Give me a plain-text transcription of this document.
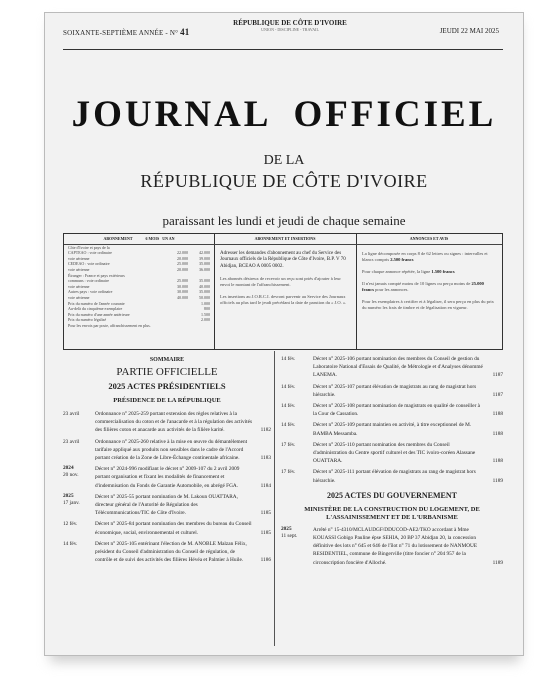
SOIXANTE-SEPTIÈME ANNÉE - N° 41
RÉPUBLIQUE DE CÔTE D'IVOIRE
UNION - DISCIPLINE - TRAVAIL	JEUDI 22 MAI 2025
JOURNAL OFFICIEL
DE LA
RÉPUBLIQUE DE CÔTE D'IVOIRE
paraissant les lundi et jeudi de chaque semaine
ABONNEMENT	6 MOIS UN AN
Côte d'Ivoire et pays de la
CAPTEAO : voie ordinaire	22.000	42.000
voie aérienne	20.000	39.000
CEDEAO : voie ordinaire	25.000	35.000
voie aérienne	20.000	36.000
Étranger : France et pays extérieurs
communs : voie ordinaire	25.000	35.000
voie aérienne	30.000	40.000
Autres pays : voie ordinaire	30.000	35.000
voie aérienne	40.000	50.000
Prix du numéro de l'année courante	1.000
Au-delà du cinquième exemplaire	800
Prix du numéro d'une année antérieure	1.500
Prix du numéro légalisé	2.000
Pour les envois par poste, affranchissement en plus.
ABONNEMENT ET INSERTIONS
Adresser les demandes d'abonnement au chef du Service des Journaux officiels de la République de Côte d'Ivoire, B.P. V 70 Abidjan, BCEAO A 0005 0002.
Les abonnés désireux de recevoir un reçu sont priés d'ajouter à leur envoi le montant de l'affranchissement.
Les insertions au J.O.R.C.I. devront parvenir au Service des Journaux officiels au plus tard le jeudi précédant la date de parution du « J.O. ».
ANNONCES ET AVIS
La ligne décomposée en corps 8 de 62 lettres ou signes : intervalles et blancs compris 2.500 francs
Pour chaque annonce répétée, la ligne 1.500 francs
Il n'est jamais compté moins de 10 lignes ou perçu moins de 25.000 francs pour les annonces.
Pour les exemplaires à certifier et à légaliser, il sera perçu en plus du prix du numéro les frais de timbre et de légalisation en vigueur.
SOMMAIRE
PARTIE OFFICIELLE
2025 ACTES PRÉSIDENTIELS
PRÉSIDENCE DE LA RÉPUBLIQUE
23 avril	Ordonnance n° 2025-259 portant extension des règles relatives à la commercialisation du coton et de l'anacarde et à la régulation des activités des filières coton et anacarde aux activités de la filière karité.	1182
23 avril	Ordonnance n° 2025-260 relative à la mise en œuvre du démantèlement tarifaire appliqué aux produits non sensibles dans le cadre de l'Accord portant création de la Zone de Libre-Échange continentale africaine.	1183
2024
20 nov.
Décret n° 2024-996 modifiant le décret n° 2009-107 du 2 avril 2009 portant organisation et fixant les modalités de financement et d'indemnisation du Fonds de Garantie Automobile, en abrégé FGA.	1184
2025
17 janv.
Décret n° 2025-55 portant nomination de M. Lakoun OUATTARA, directeur général de l'Autorité de Régulation des Télécommunications/TIC de Côte d'Ivoire.	1185
12 fév.	Décret n° 2025-84 portant nomination des membres du bureau du Conseil économique, social, environnemental et culturel.	1185
14 fév.	Décret n° 2025-105 entérinant l'élection de M. ANOBLE Malzan Félix, président du Conseil d'administration du Conseil de régulation, de contrôle et de suivi des activités des filières Hévéa et Palmier à Huile.	1186
14 fév.	Décret n° 2025-106 portant nomination des membres du Conseil de gestion du Laboratoire National d'Essais de Qualité, de Métrologie et d'Analyses dénommé LANEMA.	1187
14 fév.	Décret n° 2025-107 portant élévation de magistrats au rang de magistrat hors hiérarchie.	1187
14 fév.	Décret n° 2025-108 portant nomination de magistrats en qualité de conseiller à la Cour de Cassation.	1188
14 fév.	Décret n° 2025-109 portant maintien en activité, à titre exceptionnel de M. BAMBA Messamba.	1188
17 fév.	Décret n° 2025-110 portant nomination des membres du Conseil d'administration du Centre sportif culturel et des TIC ivoiro-coréen Alassane OUATTARA.	1188
17 fév.	Décret n° 2025-111 portant élévation de magistrats au rang de magistrat hors hiérarchie.	1189
2025 ACTES DU GOUVERNEMENT
MINISTÈRE DE LA CONSTRUCTION DU LOGEMENT, DE L'ASSAINISSEMENT ET DE L'URBANISME
2025
11 sept.
Arrêté n° 15-4310/MCLAUDGF/DDUCOD-AE2/TKO accordant à Mme KOUASSI Gobigo Pauline épse SEHIA, 20 BP 37 Abidjan 20, la concession définitive des lots n° 645 et 646 de l'îlot n° 71 du lotissement de NANMOUE RESIDENTIEL, commune de Bingerville (titre foncier n° 204 957 de la circonscription foncière d'Alloché.	1189
